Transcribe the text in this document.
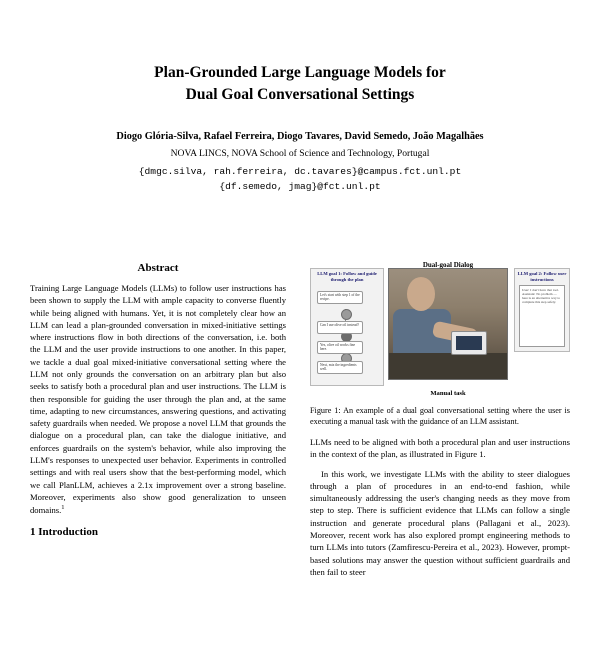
Plan-Grounded Large Language Models for
Dual Goal Conversational Settings
Diogo Glória-Silva, Rafael Ferreira, Diogo Tavares, David Semedo, João Magalhães
NOVA LINCS, NOVA School of Science and Technology, Portugal
{dmgc.silva, rah.ferreira, dc.tavares}@campus.fct.unl.pt
{df.semedo, jmag}@fct.unl.pt
Abstract

Training Large Language Models (LLMs) to follow user instructions has been shown to supply the LLM with ample capacity to converse fluently while being aligned with humans. Yet, it is not completely clear how an LLM can lead a plan-grounded conversation in mixed-initiative settings where instructions flow in both directions of the conversation, i.e. both the LLM and the user provide instructions to one another. In this paper, we tackle a dual goal mixed-initiative conversational setting where the LLM not only grounds the conversation on an arbitrary plan but also seeks to satisfy both a procedural plan and user instructions. The LLM is then responsible for guiding the user through the plan and, at the same time, adapting to new circumstances, answering questions, and activating safety guardrails when needed. We propose a novel LLM that grounds the dialogue on a procedural plan, can take the dialogue initiative, and enforces guardrails on the system's behavior, while also improving the LLM's responses to unexpected user behavior. Experiments in controlled settings and with real users show that the best-performing model, which we call PlanLLM, achieves a 2.1x improvement over a strong baseline. Moreover, experiments also show good generalization to unseen domains.$^1$

1 Introduction
LLM goal 1: Follow and guide through the plan
Let's start with step 1 of the recipe.
Can I use olive oil instead?
Yes, olive oil works fine here.
Next, mix the ingredients well.
Dual-goal Dialog
Manual task
LLM goal 2: Follow user instructions
User: I don't have that tool. Assistant: No problem — here is an alternative way to complete this step safely.
Figure 1: An example of a dual goal conversational setting where the user is executing a manual task with the guidance of an LLM assistant.

LLMs need to be aligned with both a procedural plan and user instructions in the context of the plan, as illustrated in Figure 1.

In this work, we investigate LLMs with the ability to steer dialogues through a plan of procedures in an end-to-end fashion, while simultaneously addressing the user's changing needs as they move from step to step. There is sufficient evidence that LLMs can follow a single instruction and generate procedural plans (Pallagani et al., 2023). Moreover, recent work has also explored prompt engineering methods to turn LLMs into tutors (Zamfirescu-Pereira et al., 2023). However, prompt-based solutions may answer the question without sufficient guardrails and then fail to steer
